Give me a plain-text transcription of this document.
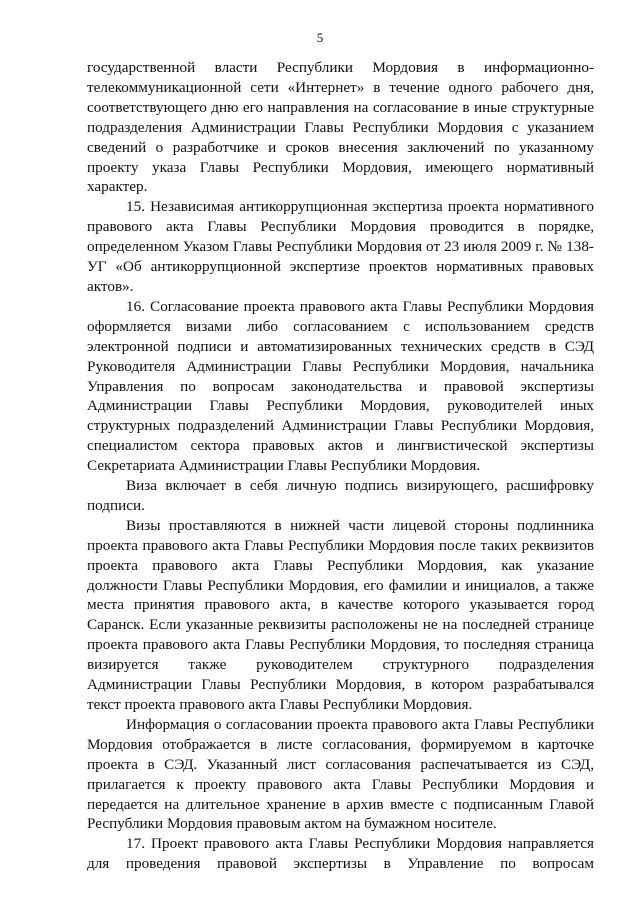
5

государственной власти Республики Мордовия в информационно-телекоммуникационной сети «Интернет» в течение одного рабочего дня, соответствующего дню его направления на согласование в иные структурные подразделения Администрации Главы Республики Мордовия с указанием сведений о разработчике и сроков внесения заключений по указанному проекту указа Главы Республики Мордовия, имеющего нормативный характер.

15. Независимая антикоррупционная экспертиза проекта нормативного правового акта Главы Республики Мордовия проводится в порядке, определенном Указом Главы Республики Мордовия от 23 июля 2009 г. № 138-УГ «Об антикоррупционной экспертизе проектов нормативных правовых актов».

16. Согласование проекта правового акта Главы Республики Мордовия оформляется визами либо согласованием с использованием средств электронной подписи и автоматизированных технических средств в СЭД Руководителя Администрации Главы Республики Мордовия, начальника Управления по вопросам законодательства и правовой экспертизы Администрации Главы Республики Мордовия, руководителей иных структурных подразделений Администрации Главы Республики Мордовия, специалистом сектора правовых актов и лингвистической экспертизы Секретариата Администрации Главы Республики Мордовия.

Виза включает в себя личную подпись визирующего, расшифровку подписи.

Визы проставляются в нижней части лицевой стороны подлинника проекта правового акта Главы Республики Мордовия после таких реквизитов проекта правового акта Главы Республики Мордовия, как указание должности Главы Республики Мордовия, его фамилии и инициалов, а также места принятия правового акта, в качестве которого указывается город Саранск. Если указанные реквизиты расположены не на последней странице проекта правового акта Главы Республики Мордовия, то последняя страница визируется также руководителем структурного подразделения Администрации Главы Республики Мордовия, в котором разрабатывался текст проекта правового акта Главы Республики Мордовия.

Информация о согласовании проекта правового акта Главы Республики Мордовия отображается в листе согласования, формируемом в карточке проекта в СЭД. Указанный лист согласования распечатывается из СЭД, прилагается к проекту правового акта Главы Республики Мордовия и передается на длительное хранение в архив вместе с подписанным Главой Республики Мордовия правовым актом на бумажном носителе.

17. Проект правового акта Главы Республики Мордовия направляется для проведения правовой экспертизы в Управление по вопросам
